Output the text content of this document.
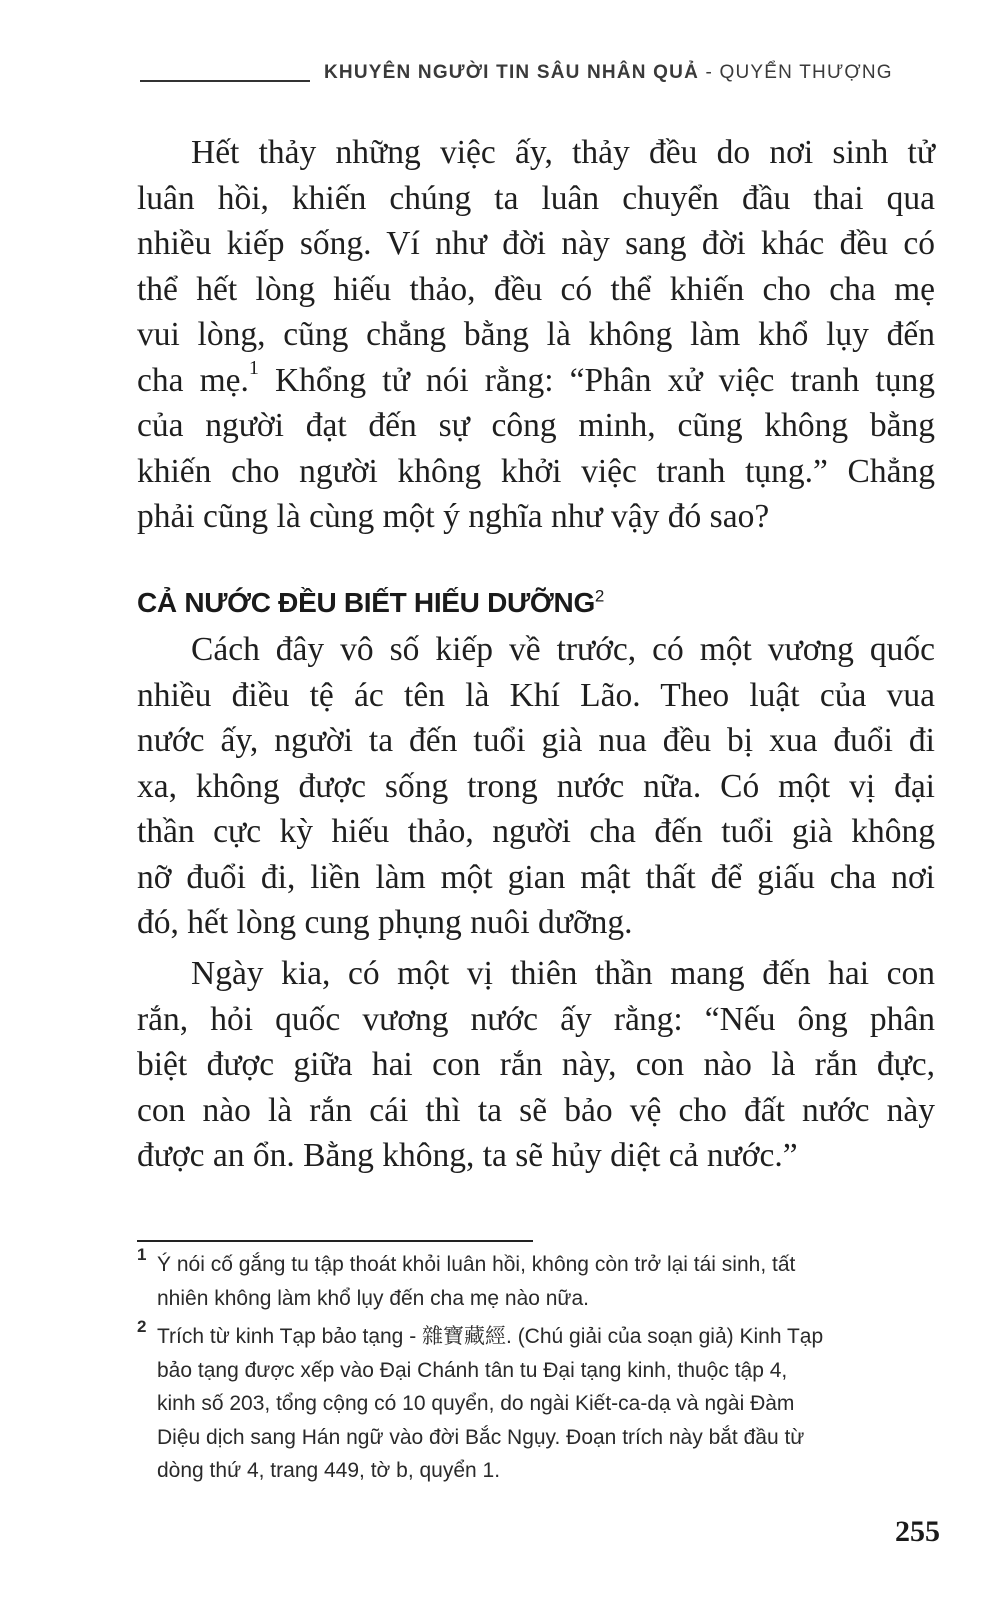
KHUYÊN NGƯỜI TIN SÂU NHÂN QUẢ - QUYỂN THƯỢNG

Hết thảy những việc ấy, thảy đều do nơi sinh tử
luân hồi, khiến chúng ta luân chuyển đầu thai qua
nhiều kiếp sống. Ví như đời này sang đời khác đều có
thể hết lòng hiếu thảo, đều có thể khiến cho cha mẹ
vui lòng, cũng chẳng bằng là không làm khổ lụy đến
cha mẹ.$^1$ Khổng tử nói rằng: “Phân xử việc tranh tụng
của người đạt đến sự công minh, cũng không bằng
khiến cho người không khởi việc tranh tụng.” Chẳng
phải cũng là cùng một ý nghĩa như vậy đó sao?

CẢ NƯỚC ĐỀU BIẾT HIẾU DƯỠNG$^2$

Cách đây vô số kiếp về trước, có một vương quốc
nhiều điều tệ ác tên là Khí Lão. Theo luật của vua
nước ấy, người ta đến tuổi già nua đều bị xua đuổi đi
xa, không được sống trong nước nữa. Có một vị đại
thần cực kỳ hiếu thảo, người cha đến tuổi già không
nỡ đuổi đi, liền làm một gian mật thất để giấu cha nơi
đó, hết lòng cung phụng nuôi dưỡng.

Ngày kia, có một vị thiên thần mang đến hai con
rắn, hỏi quốc vương nước ấy rằng: “Nếu ông phân
biệt được giữa hai con rắn này, con nào là rắn đực,
con nào là rắn cái thì ta sẽ bảo vệ cho đất nước này
được an ổn. Bằng không, ta sẽ hủy diệt cả nước.”

1 Ý nói cố gắng tu tập thoát khỏi luân hồi, không còn trở lại tái sinh, tất
nhiên không làm khổ lụy đến cha mẹ nào nữa.
2 Trích từ kinh Tạp bảo tạng - 雜寶藏經. (Chú giải của soạn giả) Kinh Tạp
bảo tạng được xếp vào Đại Chánh tân tu Đại tạng kinh, thuộc tập 4,
kinh số 203, tổng cộng có 10 quyển, do ngài Kiết-ca-dạ và ngài Đàm
Diệu dịch sang Hán ngữ vào đời Bắc Ngụy. Đoạn trích này bắt đầu từ
dòng thứ 4, trang 449, tờ b, quyển 1.
255
